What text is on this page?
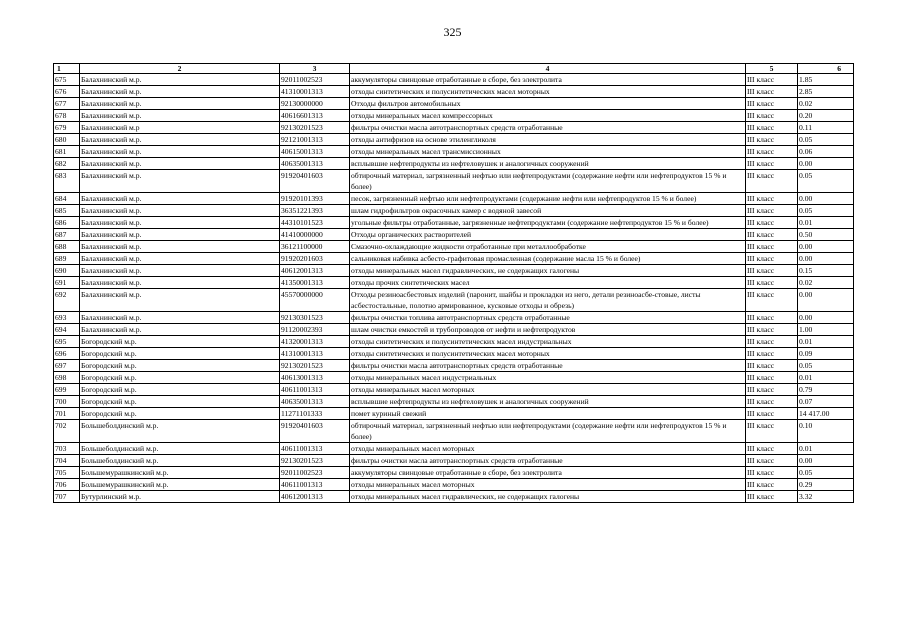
325
1	2	3	4	5	6
675	Балахнинский м.р.	92011002523	аккумуляторы свинцовые отработанные в сборе, без электролита	III класс	1.85
676	Балахнинский м.р.	41310001313	отходы синтетических и полусинтетических масел моторных	III класс	2.85
677	Балахнинский м.р.	92130000000	Отходы фильтров автомобильных	III класс	0.02
678	Балахнинский м.р.	40616601313	отходы минеральных масел компрессорных	III класс	0.20
679	Балахнинский м.р	92130201523	фильтры очистки масла автотранспортных средств отработанные	III класс	0.11
680	Балахнинский м.р.	92121001313	отходы антифризов на основе этиленгликоля	III класс	0.05
681	Балахнинский м.р.	40615001313	отходы минеральных масел трансмиссионных	III класс	0.06
682	Балахнинский м.р.	40635001313	всплывшие нефтепродукты из нефтеловушек и аналогичных сооружений	III класс	0.00
683	Балахнинский м.р.	91920401603	обтирочный материал, загрязненный нефтью или нефтепродуктами (содержание нефти или нефтепродуктов 15 % и более)	III класс	0.05
684	Балахнинский м.р.	91920101393	песок, загрязненный нефтью или нефтепродуктами (содержание нефти или нефтепродуктов 15 % и более)	III класс	0.00
685	Балахнинский м.р.	36351221393	шлам гидрофильтров окрасочных камер с водяной завесой	III класс	0.05
686	Балахнинский м.р.	44310101523	угольные фильтры отработанные, загрязненные нефтепродуктами (содержание нефтепродуктов 15 % и более)	III класс	0.01
687	Балахнинский м.р.	41410000000	Отходы органических растворителей	III класс	0.50
688	Балахнинский м.р.	36121100000	Смазочно-охлаждающие жидкости отработанные при металлообработке	III класс	0.00
689	Балахнинский м.р.	91920201603	сальниковая набивка асбесто-графитовая промасленная (содержание масла 15 % и более)	III класс	0.00
690	Балахнинский м.р.	40612001313	отходы минеральных масел гидравлических, не содержащих галогены	III класс	0.15
691	Балахнинский м.р.	41350001313	отходы прочих синтетических масел	III класс	0.02
692	Балахнинский м.р.	45570000000	Отходы резиноасбестовых изделий (паронит, шайбы и прокладки из него, детали резиноасбе-стовые, листы асбестостальные, полотно армированное, кусковые отходы и обрезь)	III класс	0.00
693	Балахнинский м.р.	92130301523	фильтры очистки топлива автотранспортных средств отработанные	III класс	0.00
694	Балахнинский м.р.	91120002393	шлам очистки емкостей и трубопроводов от нефти и нефтепродуктов	III класс	1.00
695	Богородский м.р.	41320001313	отходы синтетических и полусинтетических масел индустриальных	III класс	0.01
696	Богородский м.р.	41310001313	отходы синтетических и полусинтетических масел моторных	III класс	0.09
697	Богородский м.р.	92130201523	фильтры очистки масла автотранспортных средств отработанные	III класс	0.05
698	Богородский м.р.	40613001313	отходы минеральных масел индустриальных	III класс	0.01
699	Богородский м.р.	40611001313	отходы минеральных масел моторных	III класс	0.79
700	Богородский м.р.	40635001313	всплывшие нефтепродукты из нефтеловушек и аналогичных сооружений	III класс	0.07
701	Богородский м.р.	11271101333	помет куриный свежий	III класс	14 417.00
702	Большеболдинский м.р.	91920401603	обтирочный материал, загрязненный нефтью или нефтепродуктами (содержание нефти или нефтепродуктов 15 % и более)	III класс	0.10
703	Большеболдинский м.р.	40611001313	отходы минеральных масел моторных	III класс	0.01
704	Большеболдинский м.р.	92130201523	фильтры очистки масла автотранспортных средств отработанные	III класс	0.00
705	Большемурашкинский м.р.	92011002523	аккумуляторы свинцовые отработанные в сборе, без электролита	III класс	0.05
706	Большемурашкинский м.р.	40611001313	отходы минеральных масел моторных	III класс	0.29
707	Бутурлинский м.р.	40612001313	отходы минеральных масел гидравлических, не содержащих галогены	III класс	3.32
